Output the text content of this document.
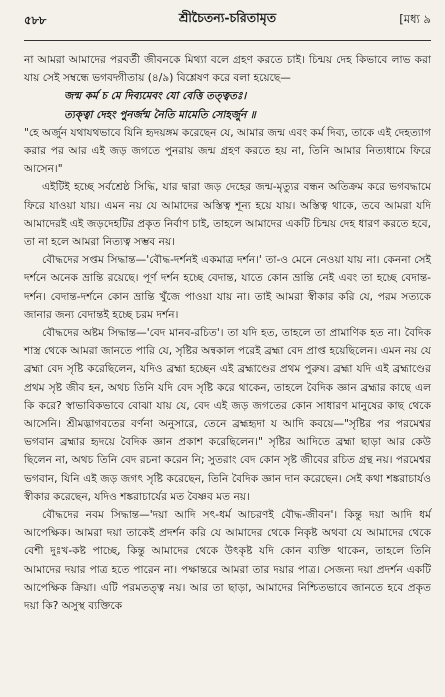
৫৮৮	শ্রীচৈতন্য-চরিতামৃত	[মধ্য ৯

না আমরা আমাদের পরবর্তী জীবনকে মিথ্যা বলে গ্রহণ করতে চাই। চিন্ময় দেহ কিভাবে লাভ করা যায় সেই সম্বন্ধে ভগবদ্গীতায় (৪/৯) বিশ্লেষণ করে বলা হয়েছে—

জন্ম কর্ম চ মে দিব্যমেবং যো বেত্তি তত্ত্বতঃ।
ত্যক্ত্বা দেহং পুনর্জন্ম নৈতি মামেতি সোহর্জুন ॥

"হে অর্জুন যথাযথভাবে যিনি হৃদয়ঙ্গম করেছেন যে, আমার জন্ম এবং কর্ম দিব্য, তাকে এই দেহত্যাগ করার পর আর এই জড় জগতে পুনরায় জন্ম গ্রহণ করতে হয় না, তিনি আমার নিত্যধামে ফিরে আসেন।"

এইটিই হচ্ছে সর্বশ্রেষ্ঠ সিদ্ধি, যার দ্বারা জড় দেহের জন্ম-মৃত্যুর বন্ধন অতিক্রম করে ভগবদ্ধামে ফিরে যাওয়া যায়। এমন নয় যে আমাদের অস্তিত্ব শূন্য হয়ে যায়। অস্তিত্ব থাকে, তবে আমরা যদি আমাদেরই এই জড়দেহটির প্রকৃত নির্বাণ চাই, তাহলে আমাদের একটি চিন্ময় দেহ ধারণ করতে হবে, তা না হলে আমরা নিত্যত্ব সম্ভব নয়।

বৌদ্ধদের সপ্তম সিদ্ধান্ত—'বৌদ্ধ-দর্শনই একমাত্র দর্শন।' তা-ও মেনে নেওয়া যায় না। কেননা সেই দর্শনে অনেক ভ্রান্তি রয়েছে। পূর্ণ দর্শন হচ্ছে বেদান্ত, যাতে কোন ভ্রান্তি নেই এবং তা হচ্ছে বেদান্ত-দর্শন। বেদান্ত-দর্শনে কোন ভ্রান্তি খুঁজে পাওয়া যায় না। তাই আমরা স্বীকার করি যে, পরম সত্যকে জানার জন্য বেদান্তই হচ্ছে চরম দর্শন।

বৌদ্ধদের অষ্টম সিদ্ধান্ত—'বেদ মানব-রচিত'। তা যদি হত, তাহলে তা প্রামাণিক হত না। বৈদিক শাস্ত্র থেকে আমরা জানতে পারি যে, সৃষ্টির অন্বকাল পরেই ব্রহ্মা বেদ প্রাপ্ত হয়েছিলেন। এমন নয় যে ব্রহ্মা বেদ সৃষ্টি করেছিলেন, যদিও ব্রহ্মা হচ্ছেন এই ব্রহ্মাণ্ডের প্রথম পুরুষ। ব্রহ্মা যদি এই ব্রহ্মাণ্ডের প্রথম সৃষ্ট জীব হন, অথচ তিনি যদি বেদ সৃষ্টি করে থাকেন, তাহলে বৈদিক জ্ঞান ব্রহ্মার কাছে এল কি করে? স্বাভাবিকভাবে বোঝা যায় যে, বেদ এই জড় জগতের কোন সাধারণ মানুষের কাছ থেকে আসেনি। শ্রীমদ্ভাগবতের বর্ণনা অনুসারে, তেনে ব্রহ্মহৃদা য আদি কবয়ে—"সৃষ্টির পর পরমেশ্বর ভগবান ব্রহ্মার হৃদয়ে বৈদিক জ্ঞান প্রকাশ করেছিলেন।" সৃষ্টির আদিতে ব্রহ্মা ছাড়া আর কেউ ছিলেন না, অথচ তিনি বেদ রচনা করেন নি; সুতরাং বেদ কোন সৃষ্ট জীবের রচিত গ্রন্থ নয়। পরমেশ্বর ভগবান, যিনি এই জড় জগৎ সৃষ্টি করেছেন, তিনি বৈদিক জ্ঞান দান করেছেন। সেই কথা শঙ্করাচার্যও স্বীকার করেছেন, যদিও শঙ্করাচার্যের মত বৈষ্ণব মত নয়।

বৌদ্ধদের নবম সিদ্ধান্ত—'দয়া আদি সৎ-ধর্ম আচরণই বৌদ্ধ-জীবন'। কিন্তু দয়া আদি ধর্ম আপেক্ষিক। আমরা দয়া তাকেই প্রদর্শন করি যে আমাদের থেকে নিকৃষ্ট অথবা যে আমাদের থেকে বেশী দুঃখ-কষ্ট পাচ্ছে, কিন্তু আমাদের থেকে উৎকৃষ্ট যদি কোন ব্যক্তি থাকেন, তাহলে তিনি আমাদের দয়ার পাত্র হতে পারেন না। পক্ষান্তরে আমরা তার দয়ার পাত্র। সেজন্য দয়া প্রদর্শন একটি আপেক্ষিক ক্রিয়া। এটি পরমতত্ত্ব নয়। আর তা ছাড়া, আমাদের নিশ্চিতভাবে জানতে হবে প্রকৃত দয়া কি? অসুস্থ ব্যক্তিকে
